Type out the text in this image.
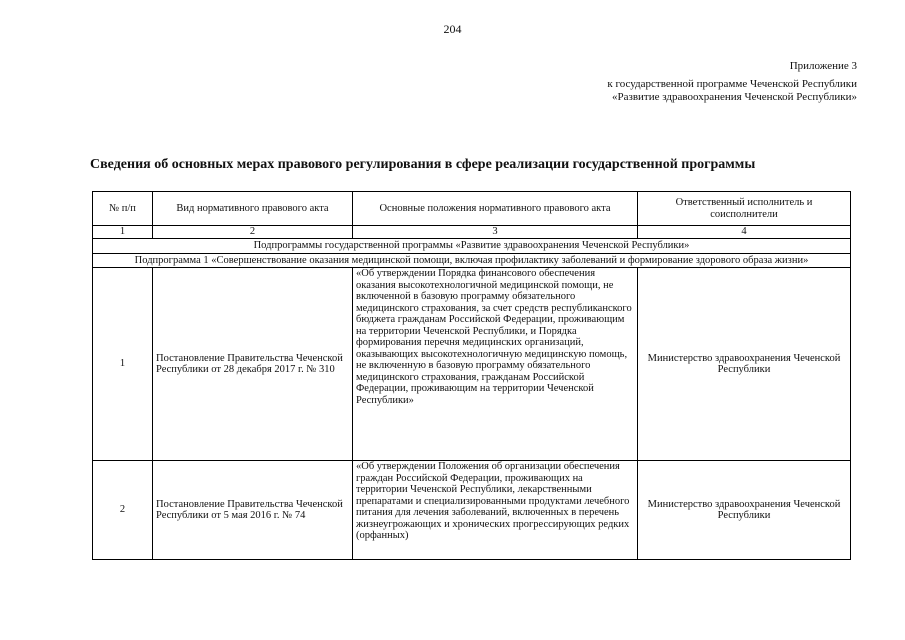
204
Приложение 3
к государственной программе Чеченской Республики
«Развитие здравоохранения Чеченской Республики»
Сведения об основных мерах правового регулирования в сфере реализации государственной программы
№ п/п	Вид нормативного правового акта	Основные положения нормативного правового акта	Ответственный исполнитель и соисполнители
1	2	3	4
Подпрограммы государственной программы «Развитие здравоохранения Чеченской Республики»			
Подпрограмма 1 «Совершенствование оказания медицинской помощи, включая профилактику заболеваний и формирование здорового образа жизни»			
1	Постановление Правительства Чеченской Республики от 28 декабря 2017 г. № 310	«Об утверждении Порядка финансового обеспечения оказания высокотехнологичной медицинской помощи, не включенной в базовую программу обязательного медицинского страхования, за счет средств республиканского бюджета гражданам Российской Федерации, проживающим на территории Чеченской Республики, и Порядка формирования перечня медицинских организаций, оказывающих высокотехнологичную медицинскую помощь, не включенную в базовую программу обязательного медицинского страхования, гражданам Российской Федерации, проживающим на территории Чеченской Республики»	Министерство здравоохранения Чеченской Республики
2	Постановление Правительства Чеченской Республики от 5 мая 2016 г. № 74	«Об утверждении Положения об организации обеспечения граждан Российской Федерации, проживающих на территории Чеченской Республики, лекарственными препаратами и специализированными продуктами лечебного питания для лечения заболеваний, включенных в перечень жизнеугрожающих и хронических прогрессирующих редких (орфанных)	Министерство здравоохранения Чеченской Республики
